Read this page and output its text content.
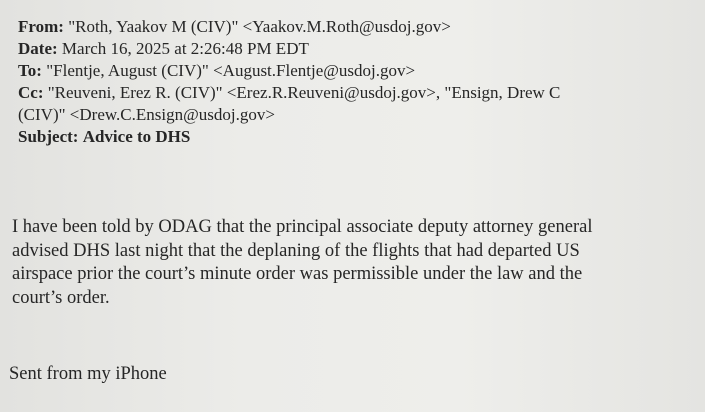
From: "Roth, Yaakov M (CIV)" <Yaakov.M.Roth@usdoj.gov>
Date: March 16, 2025 at 2:26:48 PM EDT
To: "Flentje, August (CIV)" <August.Flentje@usdoj.gov>
Cc: "Reuveni, Erez R. (CIV)" <Erez.R.Reuveni@usdoj.gov>, "Ensign, Drew C
(CIV)" <Drew.C.Ensign@usdoj.gov>
Subject: Advice to DHS
I have been told by ODAG that the principal associate deputy attorney general
advised DHS last night that the deplaning of the flights that had departed US
airspace prior the court’s minute order was permissible under the law and the
court’s order.
Sent from my iPhone
